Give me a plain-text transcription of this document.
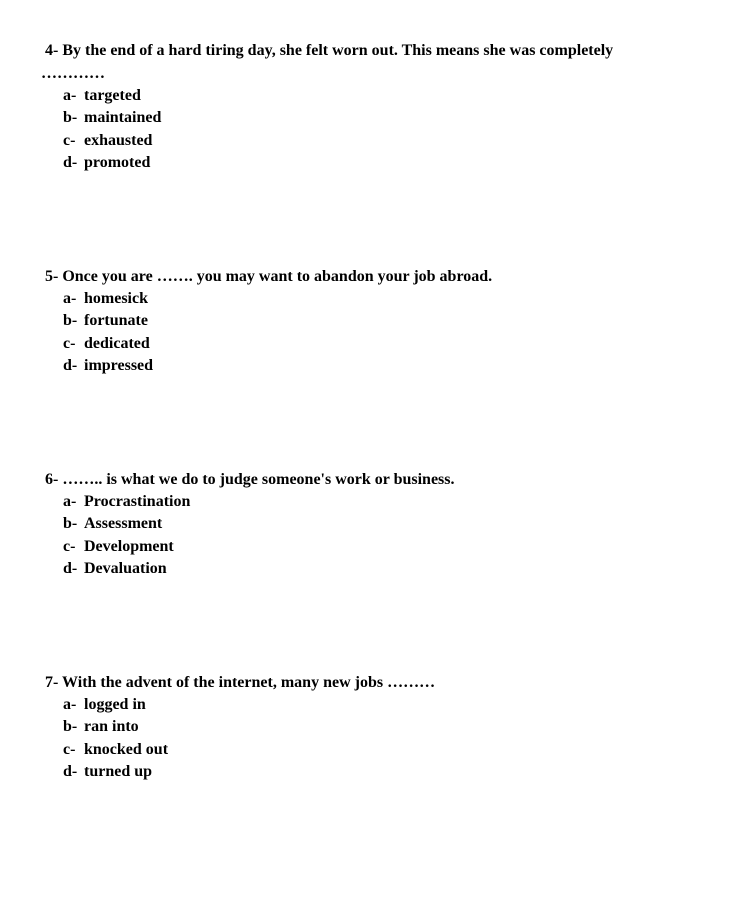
4- By the end of a hard tiring day, she felt worn out. This means she was completely
…………
a- targeted
b- maintained
c- exhausted
d- promoted
5- Once you are ……. you may want to abandon your job abroad.
a- homesick
b- fortunate
c- dedicated
d- impressed
6- …….. is what we do to judge someone's work or business.
a- Procrastination
b- Assessment
c- Development
d- Devaluation
7- With the advent of the internet, many new jobs ………
a- logged in
b- ran into
c- knocked out
d- turned up
